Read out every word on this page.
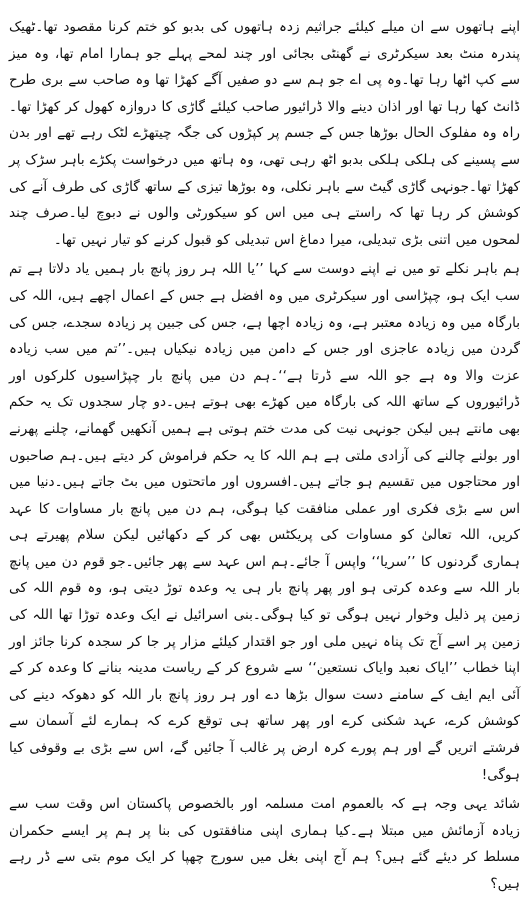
اپنے ہاتھوں سے ان میلے کیلئے جراثیم زدہ ہاتھوں کی بدبو کو ختم کرنا مقصود تھا۔ٹھیک پندرہ منٹ بعد سیکرٹری نے گھنٹی بجائی اور چند لمحے پہلے جو ہمارا امام تھا، وہ میز سے کپ اٹھا رہا تھا۔وہ پی اے جو ہم سے دو صفیں آگے کھڑا تھا وہ صاحب سے بری طرح ڈانٹ کھا رہا تھا اور اذان دینے والا ڈرائیور صاحب کیلئے گاڑی کا دروازہ کھول کر کھڑا تھا۔راہ وہ مفلوک الحال بوڑھا جس کے جسم پر کپڑوں کی جگہ چیتھڑے لٹک رہے تھے اور بدن سے پسینے کی ہلکی ہلکی بدبو اٹھ رہی تھی، وہ ہاتھ میں درخواست پکڑے باہر سڑک پر کھڑا تھا۔جونہی گاڑی گیٹ سے باہر نکلی، وہ بوڑھا تیزی کے ساتھ گاڑی کی طرف آنے کی کوشش کر رہا تھا کہ راستے ہی میں اس کو سیکورٹی والوں نے دبوچ لیا۔صرف چند لمحوں میں اتنی بڑی تبدیلی، میرا دماغ اس تبدیلی کو قبول کرنے کو تیار نہیں تھا۔

ہم باہر نکلے تو میں نے اپنے دوست سے کہا ’’یا اللہ ہر روز پانچ بار ہمیں یاد دلاتا ہے تم سب ایک ہو، چپڑاسی اور سیکرٹری میں وہ افضل ہے جس کے اعمال اچھے ہیں، اللہ کی بارگاہ میں وہ زیادہ معتبر ہے، وہ زیادہ اچھا ہے، جس کی جبین پر زیادہ سجدے، جس کی گردن میں زیادہ عاجزی اور جس کے دامن میں زیادہ نیکیاں ہیں۔’’تم میں سب زیادہ عزت والا وہ ہے جو اللہ سے ڈرتا ہے‘‘۔ہم دن میں پانچ بار چپڑاسیوں کلرکوں اور ڈرائیوروں کے ساتھ اللہ کی بارگاہ میں کھڑے بھی ہوتے ہیں۔دو چار سجدوں تک یہ حکم بھی مانتے ہیں لیکن جونہی نیت کی مدت ختم ہوتی ہے ہمیں آنکھیں گھمانے، چلنے پھرنے اور بولنے چالنے کی آزادی ملتی ہے ہم اللہ کا یہ حکم فراموش کر دیتے ہیں۔ہم صاحبوں اور محتاجوں میں تقسیم ہو جاتے ہیں۔افسروں اور ماتحتوں میں بٹ جاتے ہیں۔دنیا میں اس سے بڑی فکری اور عملی منافقت کیا ہوگی، ہم دن میں پانچ بار مساوات کا عہد کریں، اللہ تعالیٰ کو مساوات کی پریکٹس بھی کر کے دکھائیں لیکن سلام پھیرتے ہی ہماری گردنوں کا ’’سریا‘‘ واپس آ جائے۔ہم اس عہد سے پھر جائیں۔جو قوم دن میں پانچ بار اللہ سے وعدہ کرتی ہو اور پھر پانچ بار ہی یہ وعدہ توڑ دیتی ہو، وہ قوم اللہ کی زمین پر ذلیل وخوار نہیں ہوگی تو کیا ہوگی۔بنی اسرائیل نے ایک وعدہ توڑا تھا اللہ کی زمین پر اسے آج تک پناہ نہیں ملی اور جو اقتدار کیلئے مزار پر جا کر سجدہ کرنا جائز اور اپنا خطاب ’’ایاک نعبد وایاک نستعین‘‘ سے شروع کر کے ریاست مدینہ بنانے کا وعدہ کر کے آئی ایم ایف کے سامنے دست سوال بڑھا دے اور ہر روز پانچ بار اللہ کو دھوکہ دینے کی کوشش کرے، عہد شکنی کرے اور پھر ساتھ ہی توقع کرے کہ ہمارے لئے آسمان سے فرشتے اتریں گے اور ہم پورے کرہ ارض پر غالب آ جائیں گے، اس سے بڑی بے وقوفی کیا ہوگی!

شائد یہی وجہ ہے کہ بالعموم امت مسلمہ اور بالخصوص پاکستان اس وقت سب سے زیادہ آزمائش میں مبتلا ہے۔کیا ہماری اپنی منافقتوں کی بنا پر ہم پر ایسے حکمران مسلط کر دیئے گئے ہیں؟ ہم آج اپنی بغل میں سورج چھپا کر ایک موم بتی سے ڈر رہے ہیں؟
